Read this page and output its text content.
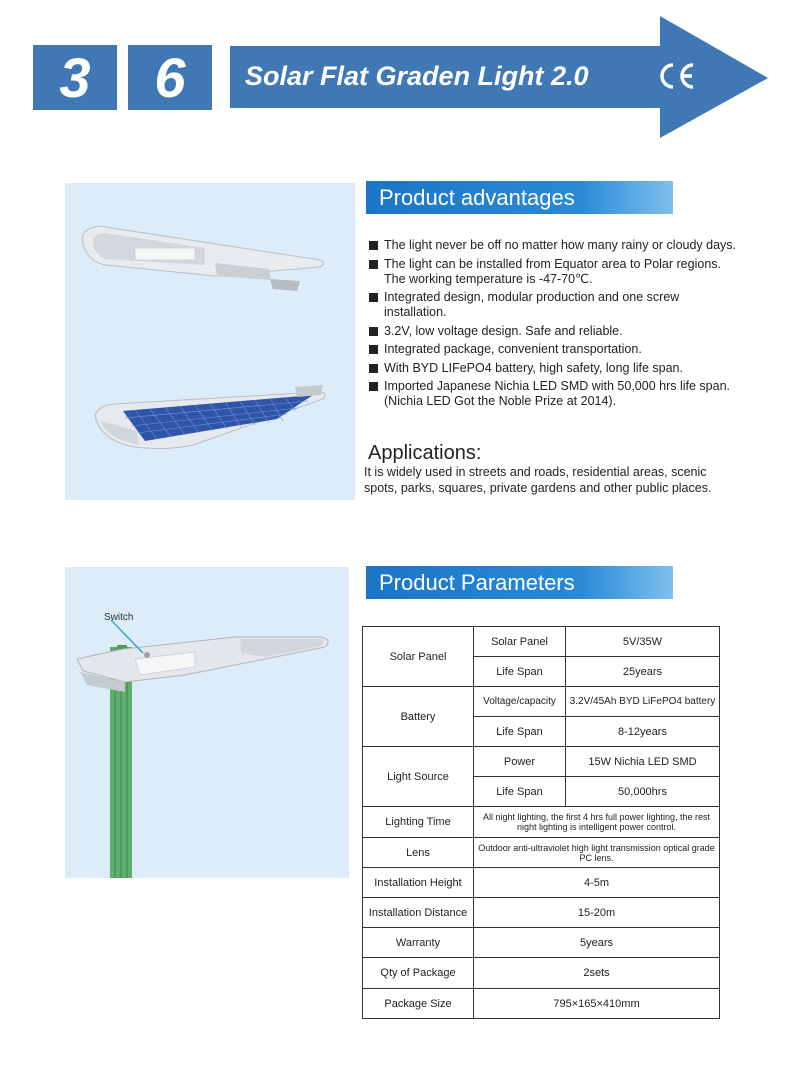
3	6	Solar Flat Graden Light 2.0
Switch
Product advantages
The light never be off no matter how many rainy or cloudy days.
The light can be installed from Equator area to Polar regions. The working temperature is -47-70℃.
Integrated design, modular production and one screw installation.
3.2V, low voltage design. Safe and reliable.
Integrated package, convenient transportation.
With BYD LIFePO4 battery, high safety, long life span.
Imported Japanese Nichia LED SMD with 50,000 hrs life span.(Nichia LED Got the Noble Prize at 2014).
Applications:
It is widely used in streets and roads, residential areas, scenic spots, parks, squares, private gardens and other public places.
Product Parameters
Solar Panel	Solar Panel	5V/35W
	Life Span	25years
Battery	Voltage/capacity	3.2V/45Ah BYD LiFePO4 battery
	Life Span	8-12years
Light Source	Power	15W Nichia LED SMD
	Life Span	50,000hrs
Lighting Time	All night lighting, the first 4 hrs full power lighting, the rest night lighting is intelligent power control.	
Lens	Outdoor anti-ultraviolet high light transmission optical grade PC lens.	
Installation Height	4-5m	
Installation Distance	15-20m	
Warranty	5years	
Qty of Package	2sets	
Package Size	795×165×410mm	
